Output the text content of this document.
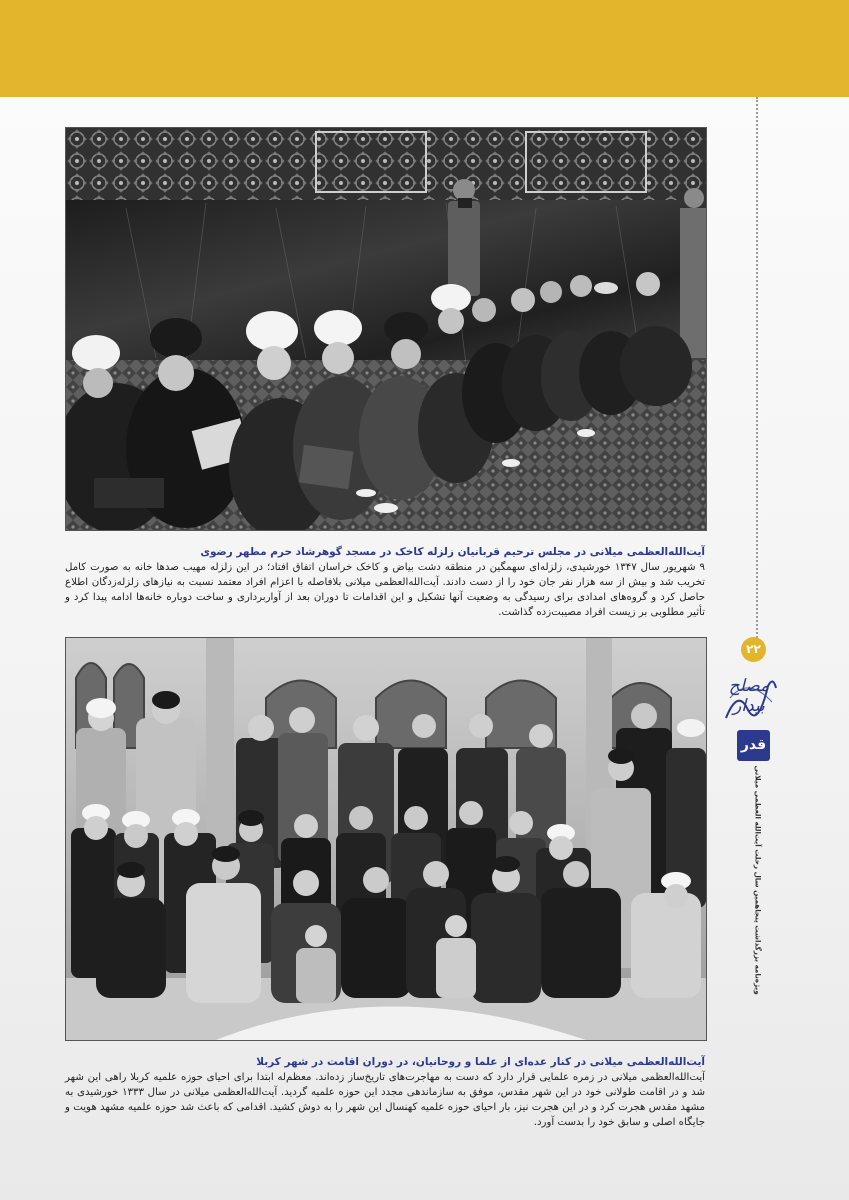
آیت‌الله‌العظمی میلانی در مجلس ترحیم قربانیان زلزله کاخک در مسجد گوهرشاد حرم مطهر رضوی
۹ شهریور سال ۱۳۴۷ خورشیدی، زلزله‌ای سهمگین در منطقه دشت بیاض و کاخک خراسان اتفاق افتاد؛ در این زلزله مهیب صدها خانه به صورت کامل تخریب شد و بیش از سه هزار نفر جان خود را از دست دادند. آیت‌الله‌العظمی میلانی بلافاصله با اعزام افراد معتمد نسبت به نیازهای زلزله‌زدگان اطلاع حاصل کرد و گروه‌های امدادی برای رسیدگی به وضعیت آنها تشکیل و این اقدامات تا دوران بعد از آواربرداری و ساخت دوباره خانه‌ها ادامه پیدا کرد و تأثیر مطلوبی بر زیست افراد مصیبت‌زده گذاشت.
آیت‌الله‌العظمی میلانی در کنار عده‌ای از علما و روحانیان، در دوران اقامت در شهر کربلا
آیت‌الله‌العظمی میلانی در زمره علمایی قرار دارد که دست به مهاجرت‌های تاریخ‌ساز زده‌اند. معظم‌له ابتدا برای احیای حوزه علمیه کربلا راهی این شهر شد و در اقامت طولانی خود در این شهر مقدس، موفق به سازماندهی مجدد این حوزه علمیه گردید. آیت‌الله‌العظمی میلانی در سال ۱۳۳۳ خورشیدی به مشهد مقدس هجرت کرد و در این هجرت نیز، بار احیای حوزه علمیه کهنسال این شهر را به دوش کشید. اقدامی که باعث شد حوزه علمیه مشهد هویت و جایگاه اصلی و سابق خود را بدست آورد.
۲۲
مصلح بیدار
قدر
ویژه‌نامه بزرگداشت پنجاهمین سال رحلت آیت‌الله العظمی میلانی
